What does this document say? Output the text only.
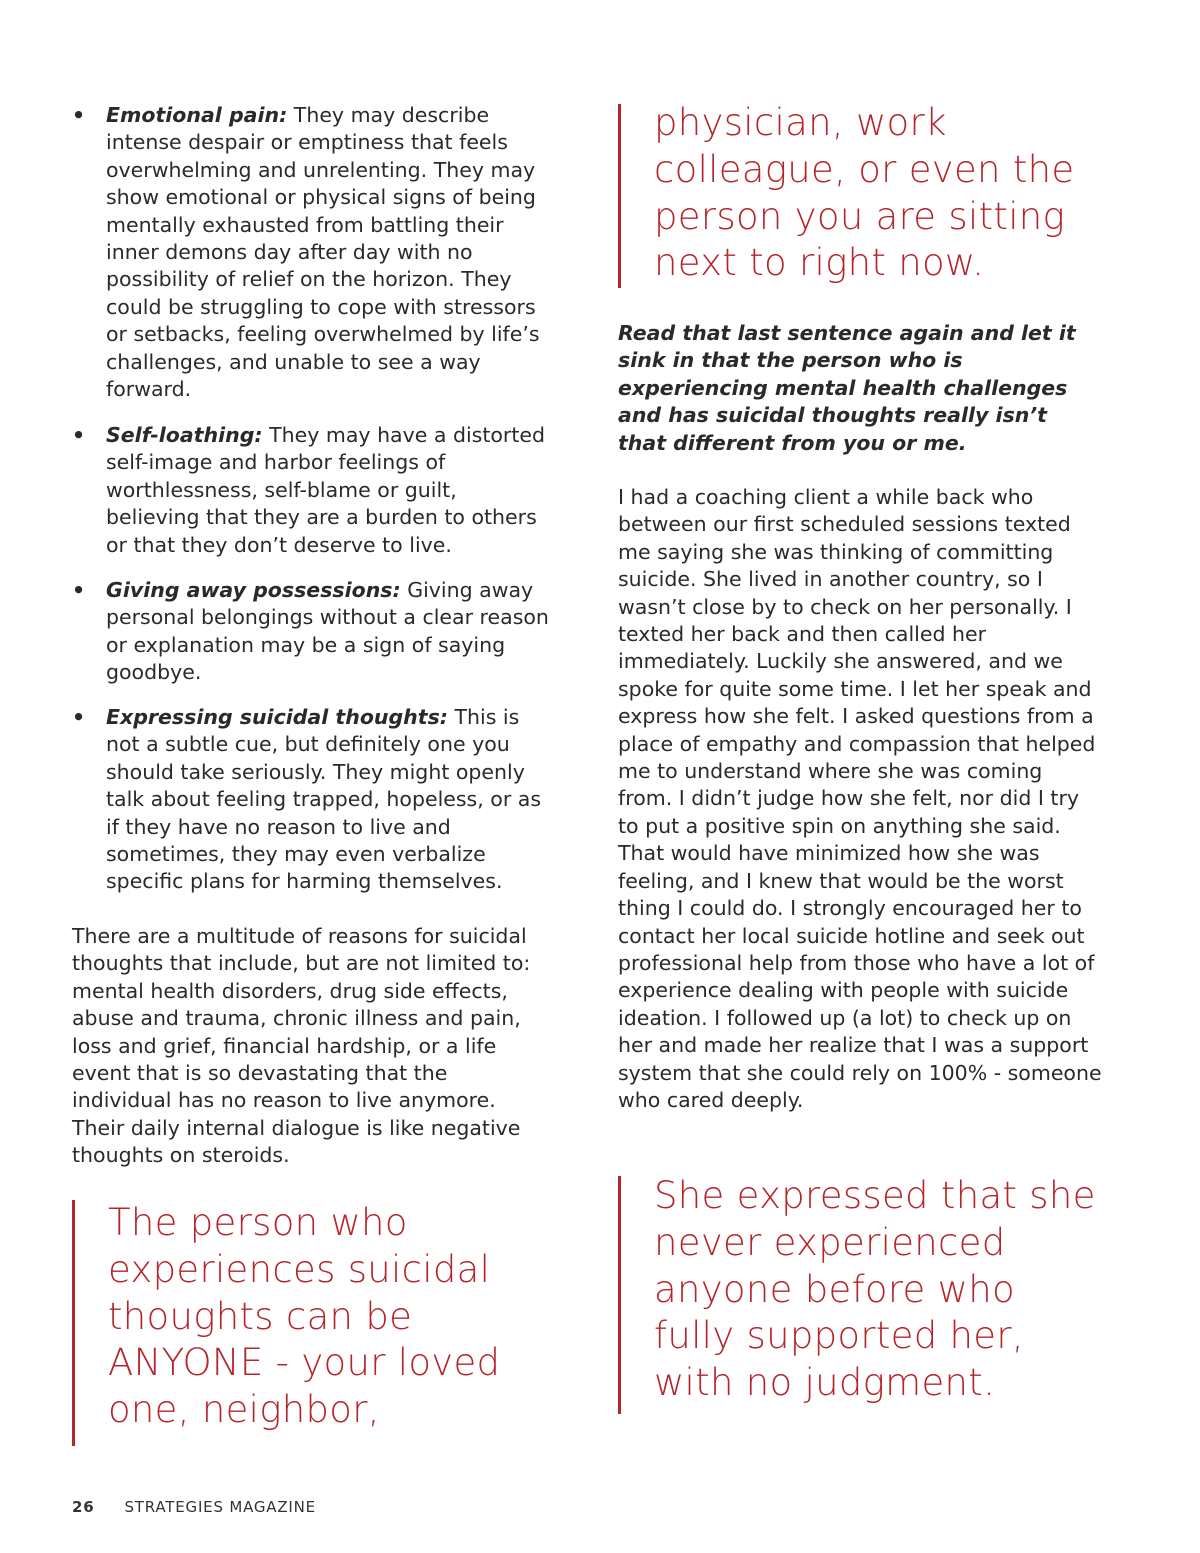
• Emotional pain: They may describe intense despair or emptiness that feels overwhelming and unrelenting. They may show emotional or physical signs of being mentally exhausted from battling their inner demons day after day with no possibility of relief on the horizon. They could be struggling to cope with stressors or setbacks, feeling overwhelmed by life’s challenges, and unable to see a way forward.
• Self-loathing: They may have a distorted self-image and harbor feelings of worthlessness, self-blame or guilt, believing that they are a burden to others or that they don’t deserve to live.
• Giving away possessions: Giving away personal belongings without a clear reason or explanation may be a sign of saying goodbye.
• Expressing suicidal thoughts: This is not a subtle cue, but definitely one you should take seriously. They might openly talk about feeling trapped, hopeless, or as if they have no reason to live and sometimes, they may even verbalize specific plans for harming themselves.
There are a multitude of reasons for suicidal thoughts that include, but are not limited to: mental health disorders, drug side effects, abuse and trauma, chronic illness and pain, loss and grief, financial hardship, or a life event that is so devastating that the individual has no reason to live anymore. Their daily internal dialogue is like negative thoughts on steroids.
The person who experiences suicidal thoughts can be ANYONE - your loved one, neighbor,
physician, work colleague, or even the person you are sitting next to right now.
Read that last sentence again and let it sink in that the person who is experiencing mental health challenges and has suicidal thoughts really isn’t that different from you or me.
I had a coaching client a while back who between our first scheduled sessions texted me saying she was thinking of committing suicide. She lived in another country, so I wasn’t close by to check on her personally. I texted her back and then called her immediately. Luckily she answered, and we spoke for quite some time. I let her speak and express how she felt. I asked questions from a place of empathy and compassion that helped me to understand where she was coming from. I didn’t judge how she felt, nor did I try to put a positive spin on anything she said. That would have minimized how she was feeling, and I knew that would be the worst thing I could do. I strongly encouraged her to contact her local suicide hotline and seek out professional help from those who have a lot of experience dealing with people with suicide ideation. I followed up (a lot) to check up on her and made her realize that I was a support system that she could rely on 100% - someone who cared deeply.
She expressed that she never experienced anyone before who fully supported her, with no judgment.
26 STRATEGIES MAGAZINE
